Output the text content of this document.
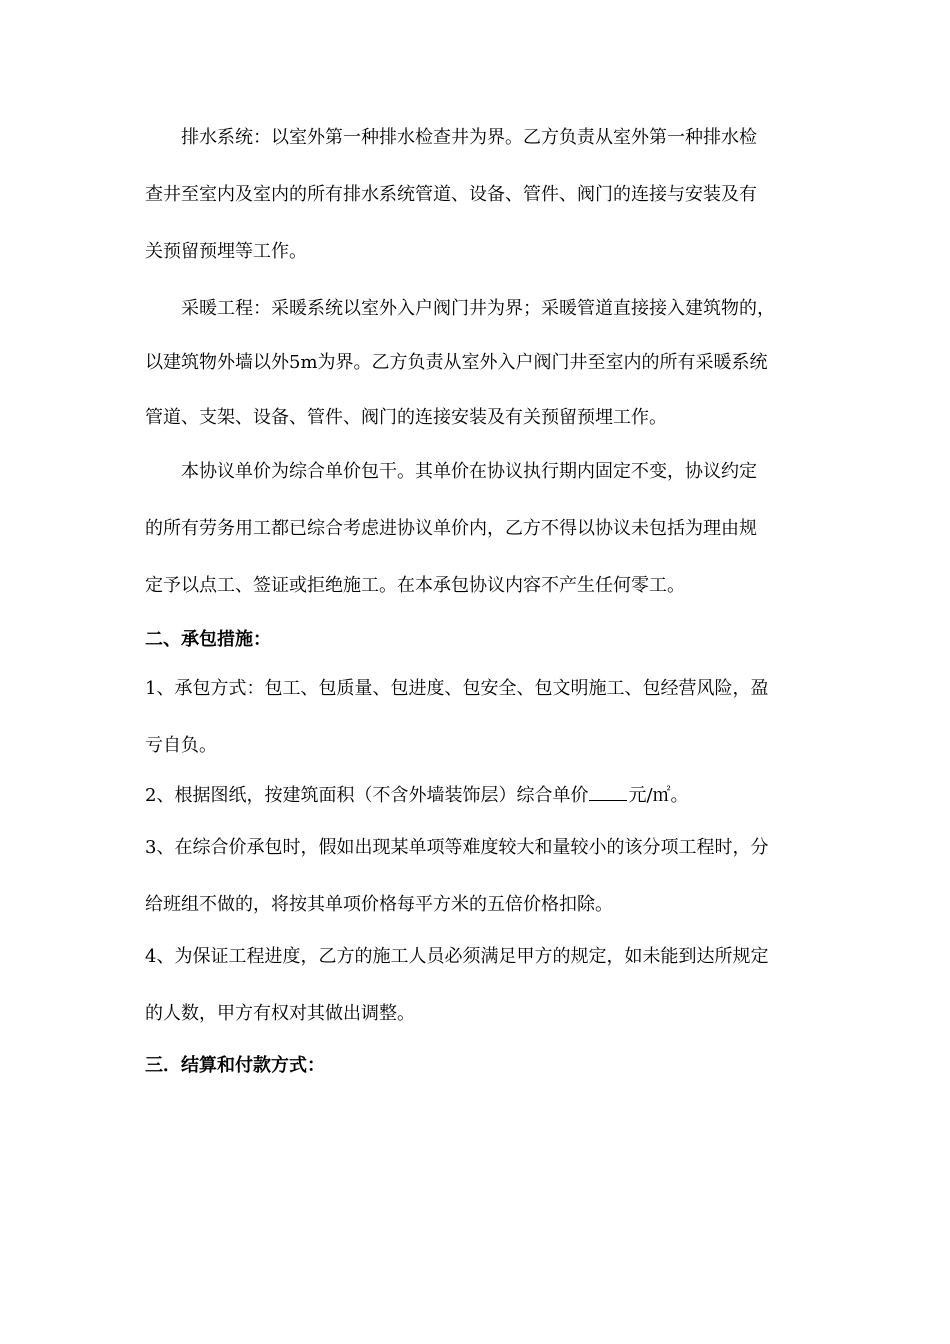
排水系统：以室外第一种排水检查井为界。乙方负责从室外第一种排水检
查井至室内及室内的所有排水系统管道、设备、管件、阀门的连接与安装及有
关预留预埋等工作。
采暖工程：采暖系统以室外入户阀门井为界；采暖管道直接接入建筑物的，
以建筑物外墙以外5m为界。乙方负责从室外入户阀门井至室内的所有采暖系统
管道、支架、设备、管件、阀门的连接安装及有关预留预埋工作。
本协议单价为综合单价包干。其单价在协议执行期内固定不变，协议约定
的所有劳务用工都已综合考虑进协议单价内，乙方不得以协议未包括为理由规
定予以点工、签证或拒绝施工。在本承包协议内容不产生任何零工。
二、承包措施：
1、承包方式：包工、包质量、包进度、包安全、包文明施工、包经营风险，盈
亏自负。
2、根据图纸，按建筑面积（不含外墙装饰层）综合单价 元/㎡。
3、在综合价承包时，假如出现某单项等难度较大和量较小的该分项工程时，分
给班组不做的，将按其单项价格每平方米的五倍价格扣除。
4、为保证工程进度，乙方的施工人员必须满足甲方的规定，如未能到达所规定
的人数，甲方有权对其做出调整。
三．结算和付款方式：
